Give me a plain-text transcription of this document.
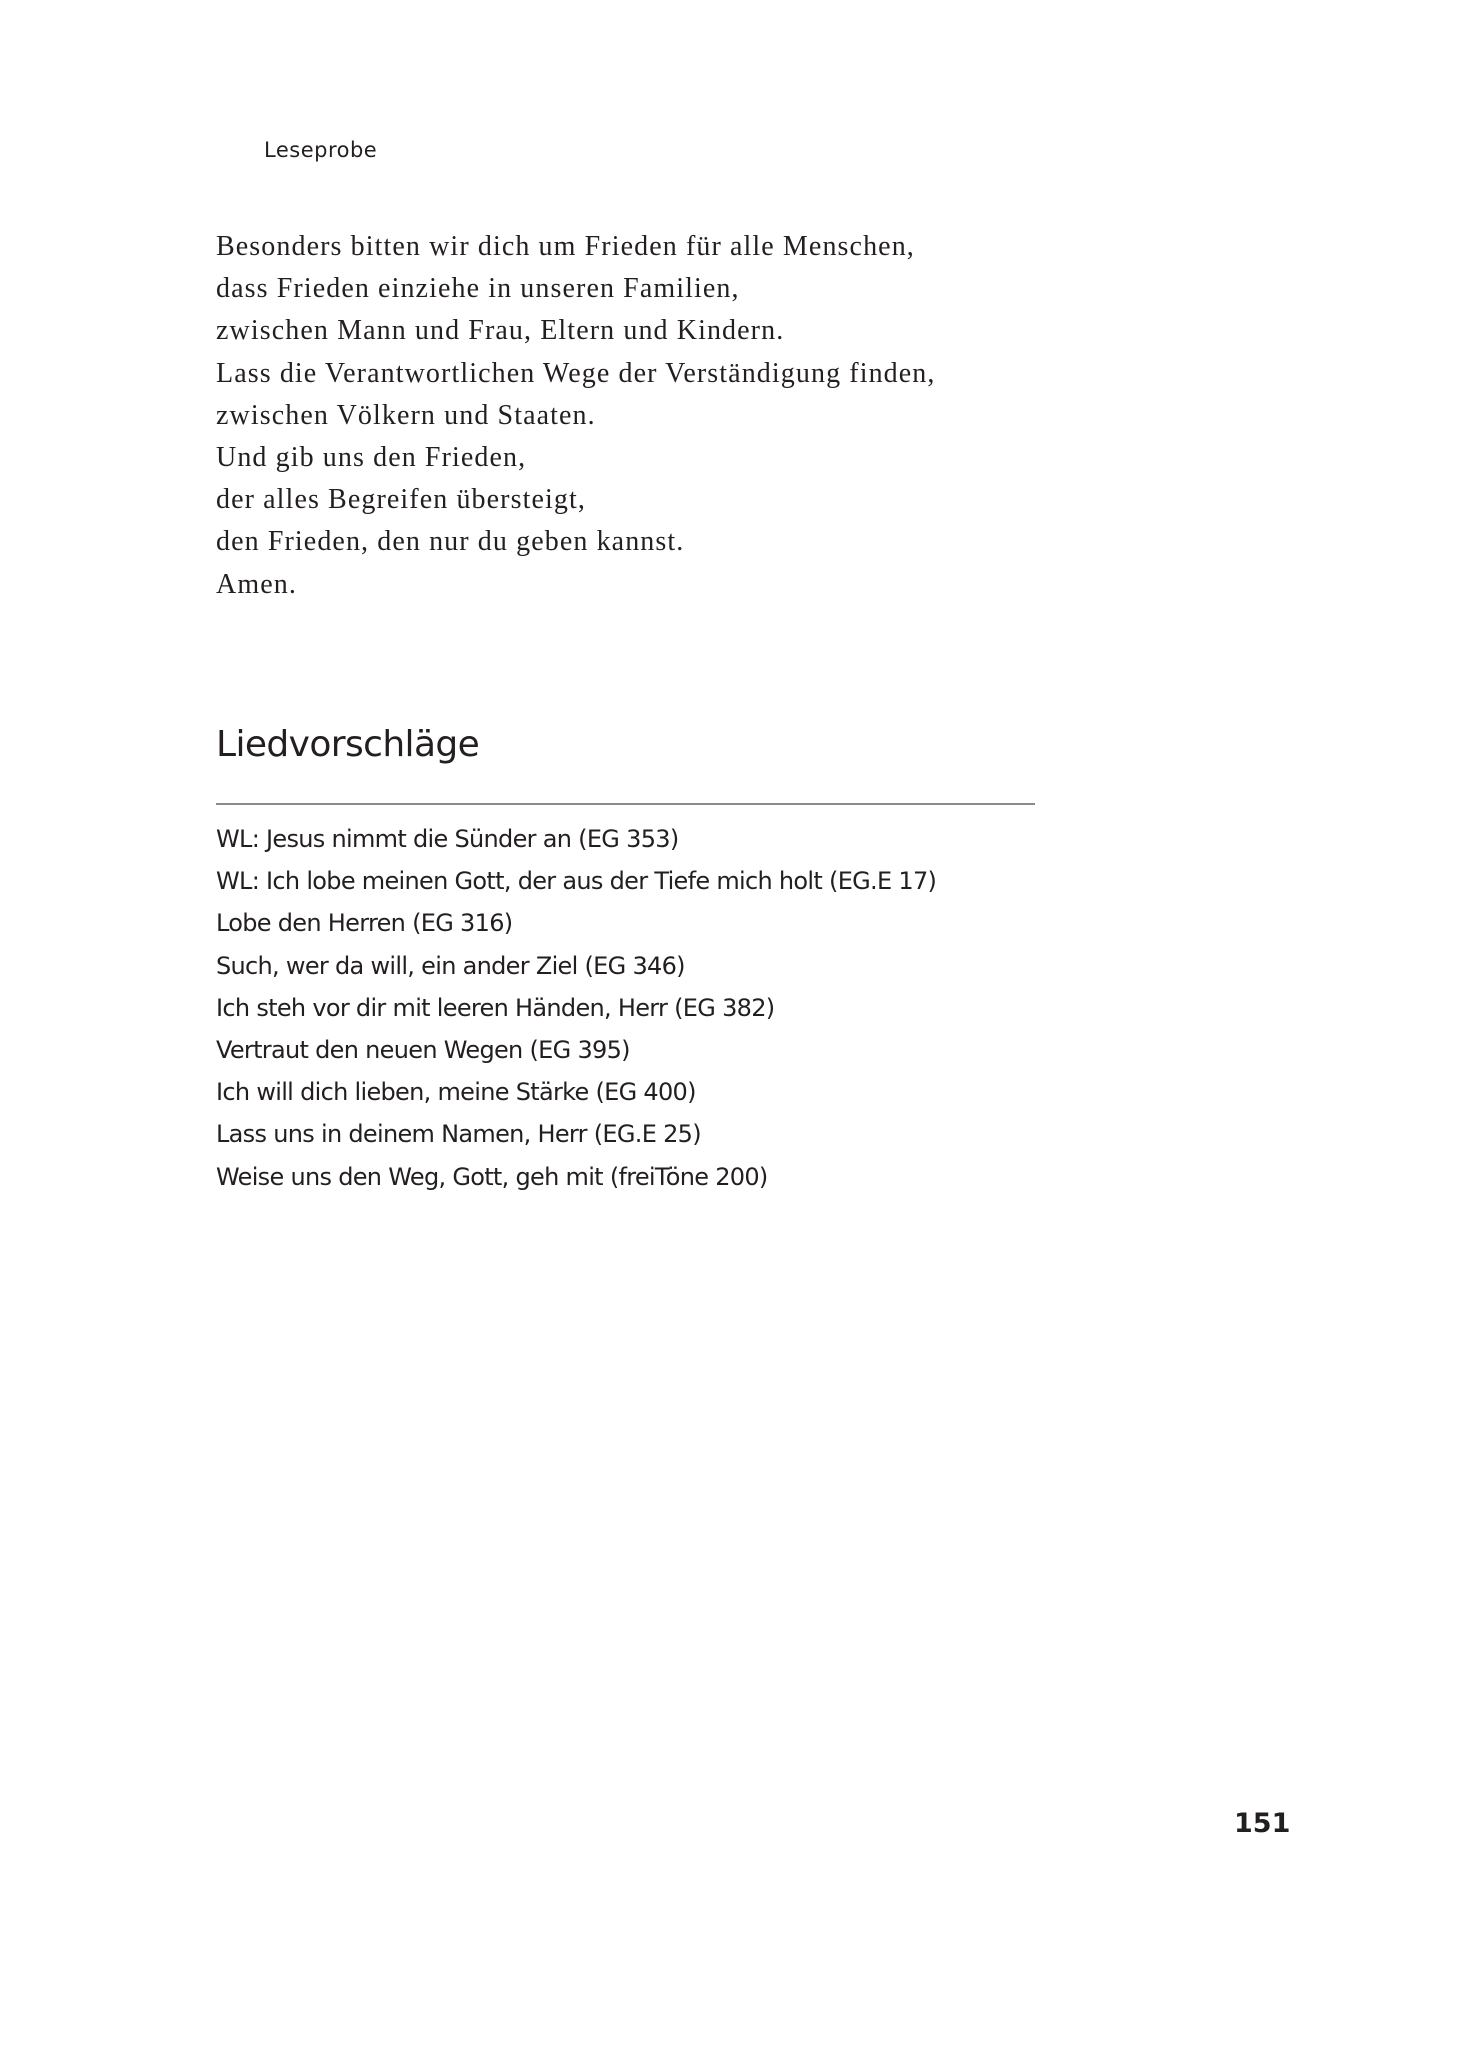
Leseprobe
Besonders bitten wir dich um Frieden für alle Menschen,
dass Frieden einziehe in unseren Familien,
zwischen Mann und Frau, Eltern und Kindern.
Lass die Verantwortlichen Wege der Verständigung finden,
zwischen Völkern und Staaten.
Und gib uns den Frieden,
der alles Begreifen übersteigt,
den Frieden, den nur du geben kannst.
Amen.
Liedvorschläge
WL: Jesus nimmt die Sünder an (EG 353)
WL: Ich lobe meinen Gott, der aus der Tiefe mich holt (EG.E 17)
Lobe den Herren (EG 316)
Such, wer da will, ein ander Ziel (EG 346)
Ich steh vor dir mit leeren Händen, Herr (EG 382)
Vertraut den neuen Wegen (EG 395)
Ich will dich lieben, meine Stärke (EG 400)
Lass uns in deinem Namen, Herr (EG.E 25)
Weise uns den Weg, Gott, geh mit (freiTöne 200)
151
